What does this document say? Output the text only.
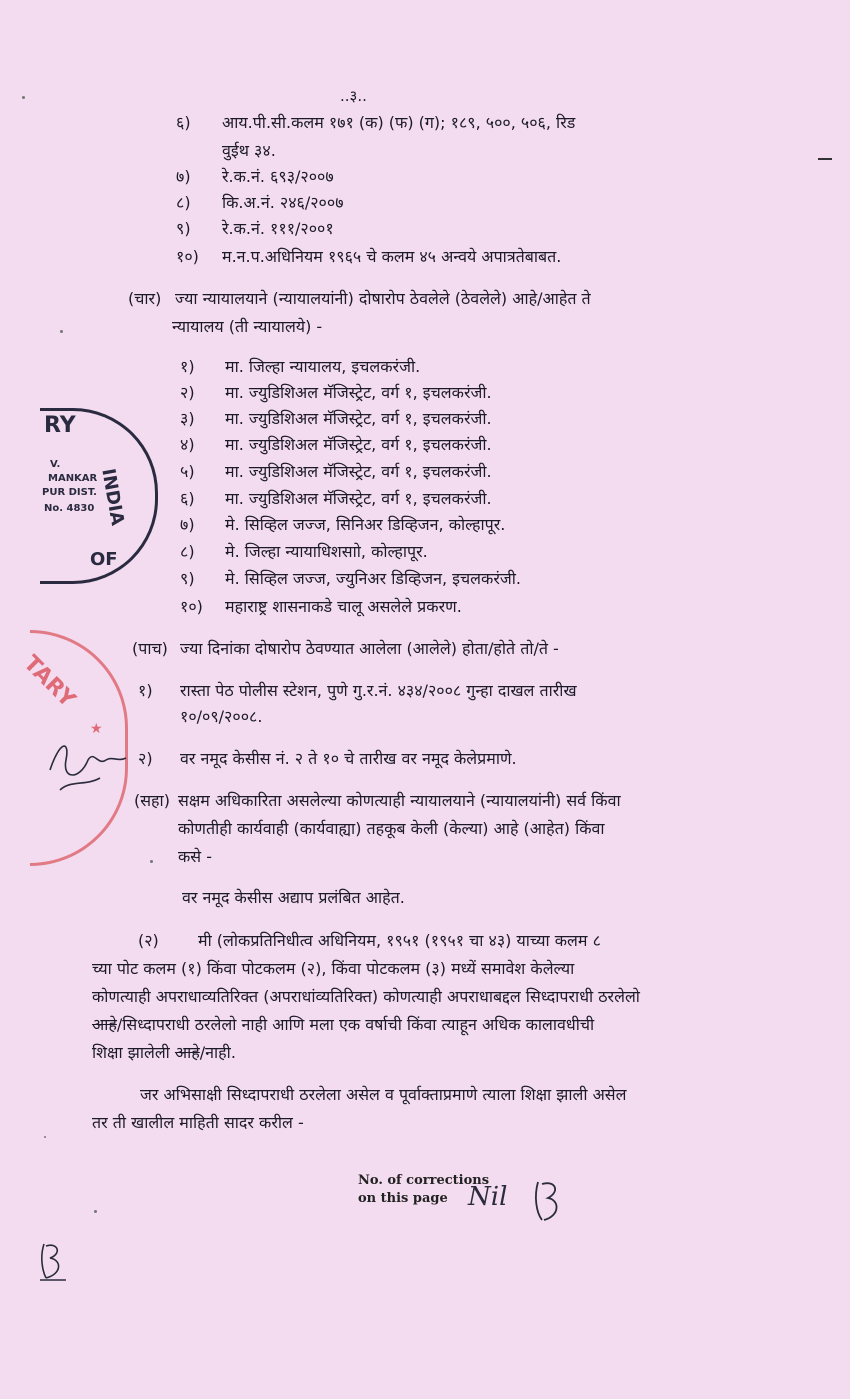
..३..
६) आय.पी.सी.कलम १७१ (क) (फ) (ग); १८९, ५००, ५०६, रिड
वुईथ ३४.
७) रे.क.नं. ६९३/२००७
८) कि.अ.नं. २४६/२००७
९) रे.क.नं. १११/२००१
१०) म.न.प.अधिनियम १९६५ चे कलम ४५ अन्वये अपात्रतेबाबत.
(चार) ज्या न्यायालयाने (न्यायालयांनी) दोषारोप ठेवलेले (ठेवलेले) आहे/आहेत ते
न्यायालय (ती न्यायालये) -
१) मा. जिल्हा न्यायालय, इचलकरंजी.
२) मा. ज्युडिशिअल मॅजिस्ट्रेट, वर्ग १, इचलकरंजी.
३) मा. ज्युडिशिअल मॅजिस्ट्रेट, वर्ग १, इचलकरंजी.
४) मा. ज्युडिशिअल मॅजिस्ट्रेट, वर्ग १, इचलकरंजी.
५) मा. ज्युडिशिअल मॅजिस्ट्रेट, वर्ग १, इचलकरंजी.
६) मा. ज्युडिशिअल मॅजिस्ट्रेट, वर्ग १, इचलकरंजी.
७) मे. सिव्हिल जज्ज, सिनिअर डिव्हिजन, कोल्हापूर.
८) मे. जिल्हा न्यायाधिशसाो, कोल्हापूर.
९) मे. सिव्हिल जज्ज, ज्युनिअर डिव्हिजन, इचलकरंजी.
१०) महाराष्ट्र शासनाकडे चालू असलेले प्रकरण.
(पाच) ज्या दिनांका दोषारोप ठेवण्यात आलेला (आलेले) होता/होते तो/ते -
१) रास्ता पेठ पोलीस स्टेशन, पुणे गु.र.नं. ४३४/२००८ गुन्हा दाखल तारीख
१०/०९/२००८.
२) वर नमूद केसीस नं. २ ते १० चे तारीख वर नमूद केलेप्रमाणे.
(सहा) सक्षम अधिकारिता असलेल्या कोणत्याही न्यायालयाने (न्यायालयांनी) सर्व किंवा
कोणतीही कार्यवाही (कार्यवाह्या) तहकूब केली (केल्या) आहे (आहेत) किंवा
कसे -
वर नमूद केसीस अद्याप प्रलंबित आहेत.
(२) मी (लोकप्रतिनिधीत्व अधिनियम, १९५१ (१९५१ चा ४३) याच्या कलम ८
च्या पोट कलम (१) किंवा पोटकलम (२), किंवा पोटकलम (३) मध्यें समावेश केलेल्या
कोणत्याही अपराधाव्यतिरिक्त (अपराधांव्यतिरिक्त) कोणत्याही अपराधाबद्दल सिध्दापराधी ठरलेलो
आहे/सिध्दापराधी ठरलेलो नाही आणि मला एक वर्षाची किंवा त्याहून अधिक कालावधीची
शिक्षा झालेली आहे/नाही.
जर अभिसाक्षी सिध्दापराधी ठरलेला असेल व पूर्वाक्ताप्रमाणे त्याला शिक्षा झाली असेल
तर ती खालील माहिती सादर करील -
No. of corrections
on this page Nil
RY
V.
MANKAR
PUR DIST.
No. 4830 INDIA
OF
TARY
★
